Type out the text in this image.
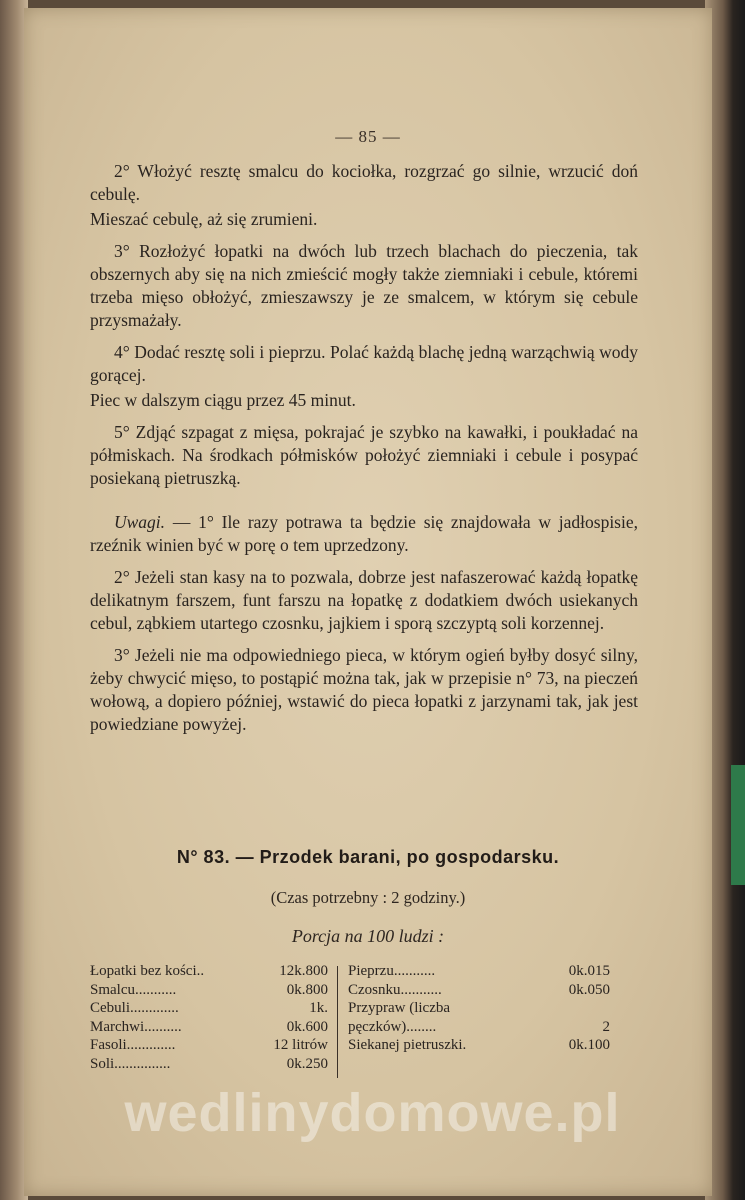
— 85 —

2° Włożyć resztę smalcu do kociołka, rozgrzać go silnie, wrzucić doń cebulę.

Mieszać cebulę, aż się zrumieni.

3° Rozłożyć łopatki na dwóch lub trzech blachach do pieczenia, tak obszernych aby się na nich zmieścić mogły także ziemniaki i cebule, któremi trzeba mięso obłożyć, zmieszawszy je ze smalcem, w którym się cebule przysmażały.

4° Dodać resztę soli i pieprzu. Polać każdą blachę jedną warząchwią wody gorącej.

Piec w dalszym ciągu przez 45 minut.

5° Zdjąć szpagat z mięsa, pokrajać je szybko na kawałki, i poukładać na półmiskach. Na środkach półmisków położyć ziemniaki i cebule i posypać posiekaną pietruszką.

Uwagi. — 1° Ile razy potrawa ta będzie się znajdowała w jadłospisie, rzeźnik winien być w porę o tem uprzedzony.

2° Jeżeli stan kasy na to pozwala, dobrze jest nafaszerować każdą łopatkę delikatnym farszem, funt farszu na łopatkę z dodatkiem dwóch usiekanych cebul, ząbkiem utartego czosnku, jajkiem i sporą szczyptą soli korzennej.

3° Jeżeli nie ma odpowiedniego pieca, w którym ogień byłby dosyć silny, żeby chwycić mięso, to postąpić można tak, jak w przepisie n° 73, na pieczeń wołową, a dopiero później, wstawić do pieca łopatki z jarzynami tak, jak jest powiedziane powyżej.

N° 83. — Przodek barani, po gospodarsku.
(Czas potrzebny : 2 godziny.)
Porcja na 100 ludzi :
Łopatki bez kości..	12k.800
Smalcu...........	0k.800
Cebuli.............	1k.
Marchwi..........	0k.600
Fasoli.............	12 litrów
Soli...............	0k.250
Pieprzu...........	0k.015
Czosnku...........	0k.050
Przypraw (liczba
pęczków)........	2
Siekanej pietruszki.	0k.100
wedlinydomowe.pl
